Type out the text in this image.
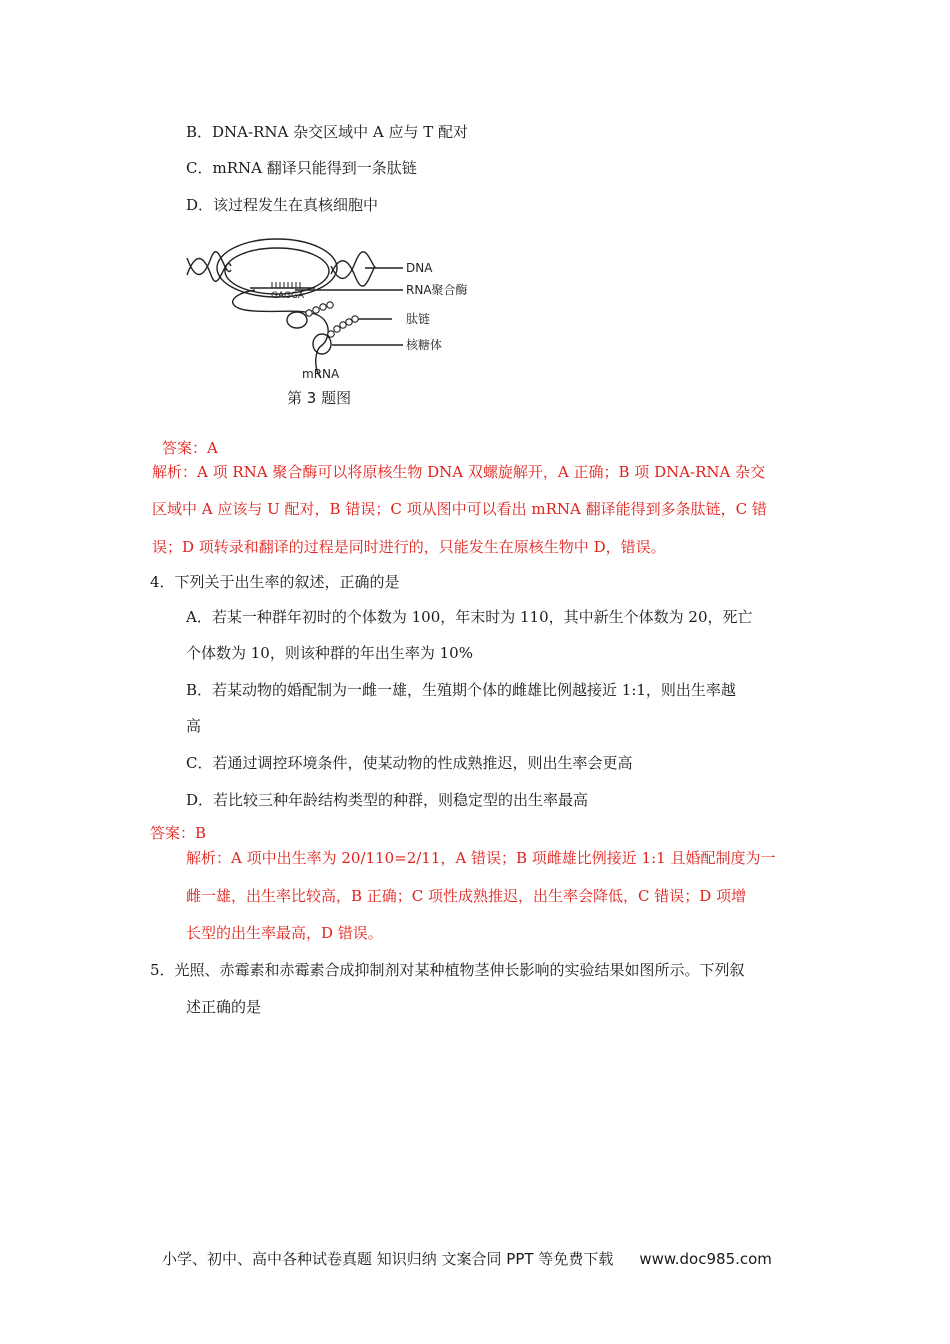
B．DNA-RNA 杂交区域中 A 应与 T 配对
C．mRNA 翻译只能得到一条肽链
D．该过程发生在真核细胞中
GAGGA
DNA
RNA聚合酶
肽链
核糖体
mRNA
第 3 题图
答案：A
解析：A 项 RNA 聚合酶可以将原核生物 DNA 双螺旋解开，A 正确；B 项 DNA-RNA 杂交
区域中 A 应该与 U 配对，B 错误；C 项从图中可以看出 mRNA 翻译能得到多条肽链，C 错
误；D 项转录和翻译的过程是同时进行的，只能发生在原核生物中 D，错误。
4．下列关于出生率的叙述，正确的是
A．若某一种群年初时的个体数为 100，年末时为 110，其中新生个体数为 20，死亡
个体数为 10，则该种群的年出生率为 10%
B．若某动物的婚配制为一雌一雄，生殖期个体的雌雄比例越接近 1:1，则出生率越
高
C．若通过调控环境条件，使某动物的性成熟推迟，则出生率会更高
D．若比较三种年龄结构类型的种群，则稳定型的出生率最高
答案：B
解析：A 项中出生率为 20/110=2/11，A 错误；B 项雌雄比例接近 1:1 且婚配制度为一
雌一雄，出生率比较高，B 正确；C 项性成熟推迟，出生率会降低，C 错误；D 项增
长型的出生率最高，D 错误。
5．光照、赤霉素和赤霉素合成抑制剂对某种植物茎伸长影响的实验结果如图所示。下列叙
述正确的是
小学、初中、高中各种试卷真题 知识归纳 文案合同 PPT 等免费下载 www.doc985.com
